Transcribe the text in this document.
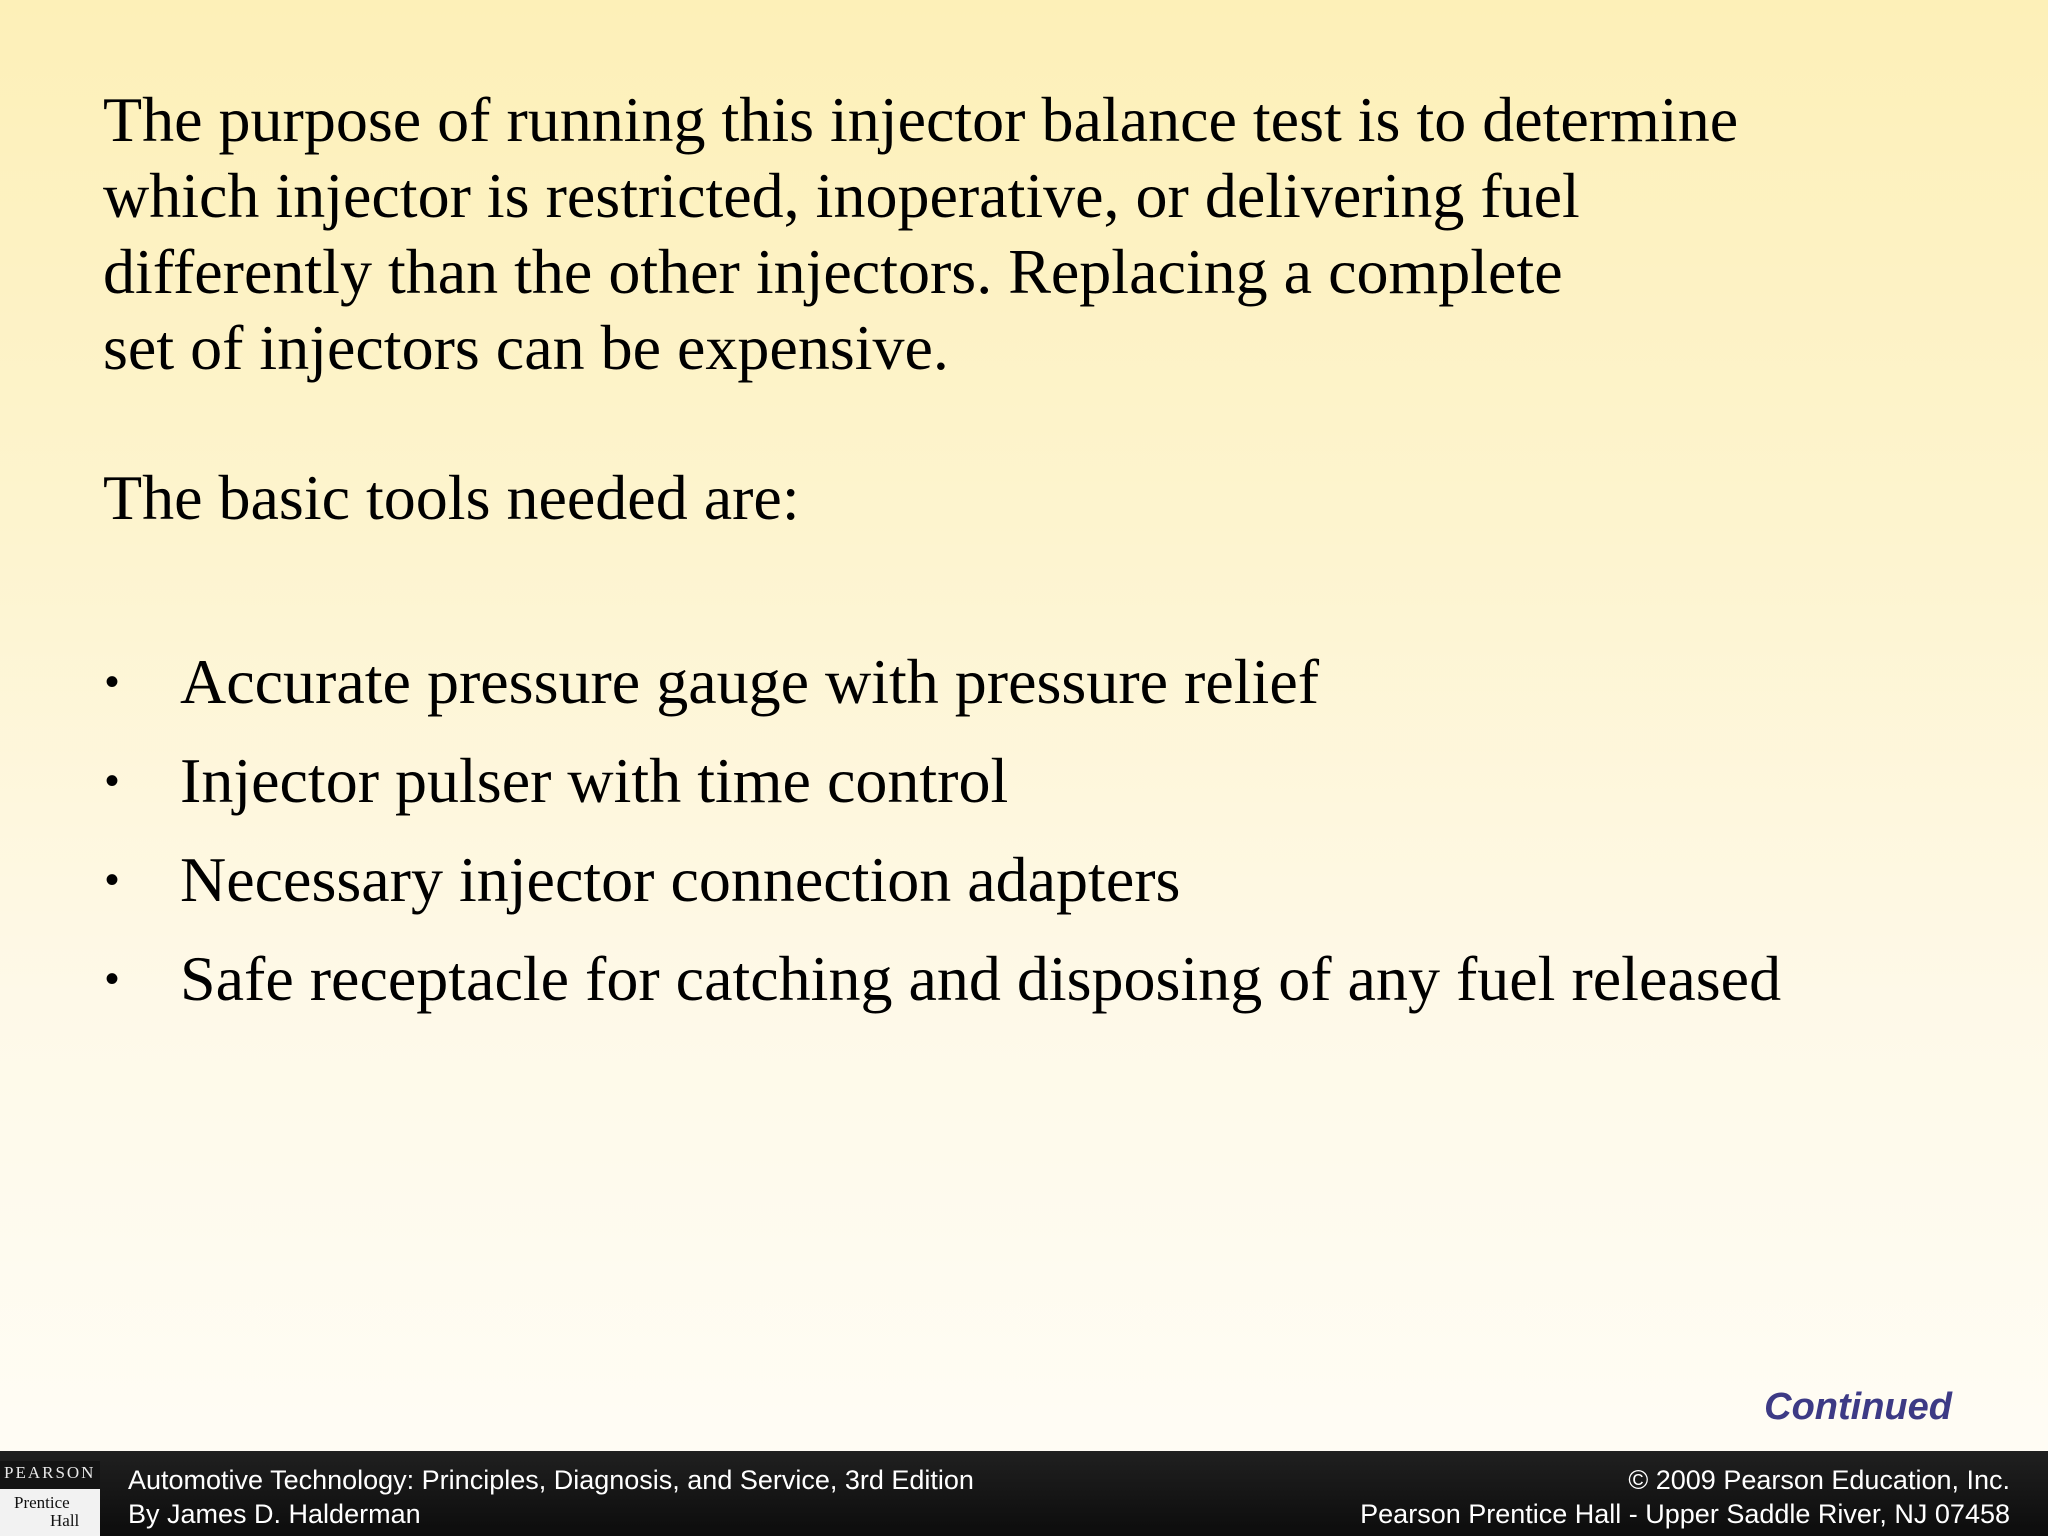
The purpose of running this injector balance test is to determine
which injector is restricted, inoperative, or delivering fuel
differently than the other injectors. Replacing a complete
set of injectors can be expensive.

The basic tools needed are:

• Accurate pressure gauge with pressure relief
• Injector pulser with time control
• Necessary injector connection adapters
• Safe receptacle for catching and disposing of any fuel released
Continued
PEARSON
Prentice
Hall
Automotive Technology: Principles, Diagnosis, and Service, 3rd Edition
By James D. Halderman
© 2009 Pearson Education, Inc.
Pearson Prentice Hall - Upper Saddle River, NJ 07458
